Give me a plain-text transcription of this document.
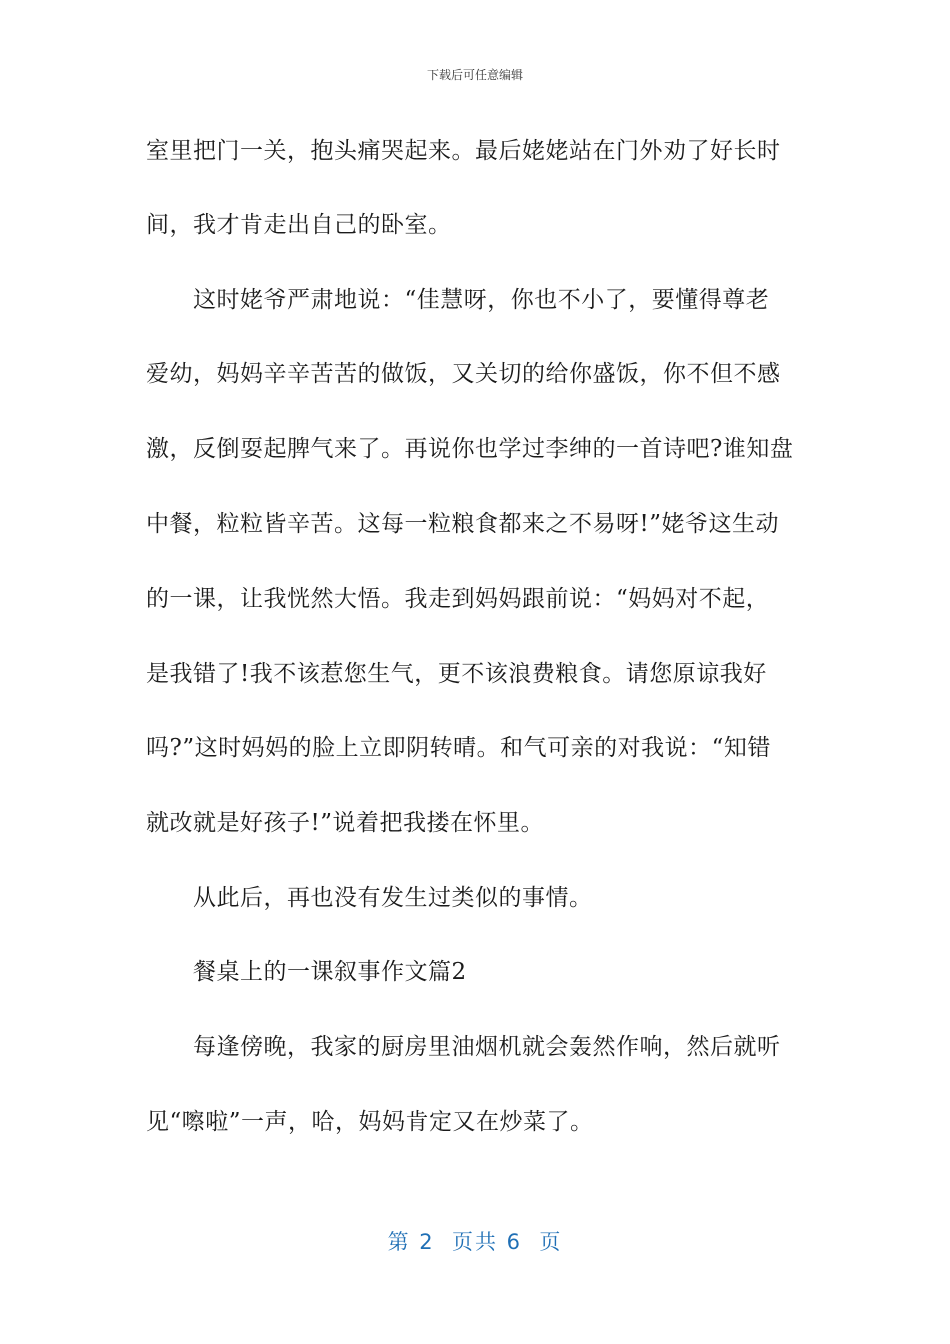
下载后可任意编辑
室里把门一关，抱头痛哭起来。最后姥姥站在门外劝了好长时
间，我才肯走出自己的卧室。
这时姥爷严肃地说：“佳慧呀，你也不小了，要懂得尊老
爱幼，妈妈辛辛苦苦的做饭，又关切的给你盛饭，你不但不感
激，反倒耍起脾气来了。再说你也学过李绅的一首诗吧?谁知盘
中餐，粒粒皆辛苦。这每一粒粮食都来之不易呀!”姥爷这生动
的一课，让我恍然大悟。我走到妈妈跟前说：“妈妈对不起，
是我错了!我不该惹您生气，更不该浪费粮食。请您原谅我好
吗?”这时妈妈的脸上立即阴转晴。和气可亲的对我说：“知错
就改就是好孩子!”说着把我搂在怀里。
从此后，再也没有发生过类似的事情。
餐桌上的一课叙事作文篇2
每逢傍晚，我家的厨房里油烟机就会轰然作响，然后就听
见“嚓啦”一声，哈，妈妈肯定又在炒菜了。
第 2  页共 6  页
